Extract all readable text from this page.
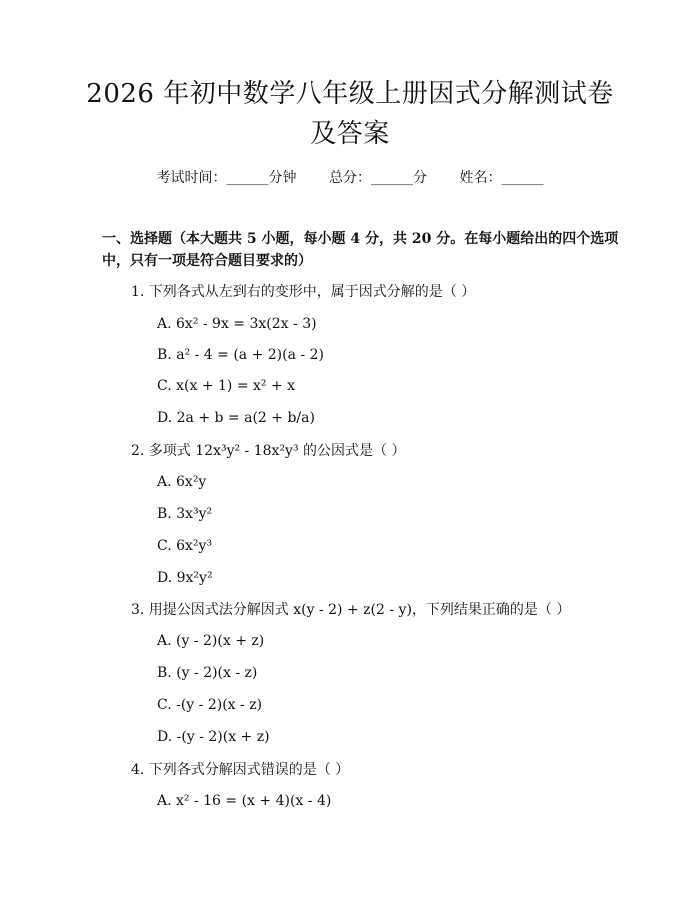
2026 年初中数学八年级上册因式分解测试卷
及答案
考试时间：______分钟 总分：______分 姓名：______
一、选择题（本大题共 5 小题，每小题 4 分，共 20 分。在每小题给出的四个选项中，只有一项是符合题目要求的）
1. 下列各式从左到右的变形中，属于因式分解的是（ ）
A. 6x² - 9x = 3x(2x - 3)
B. a² - 4 = (a + 2)(a - 2)
C. x(x + 1) = x² + x
D. 2a + b = a(2 + b/a)
2. 多项式 12x³y² - 18x²y³ 的公因式是（ ）
A. 6x²y
B. 3x³y²
C. 6x²y³
D. 9x²y²
3. 用提公因式法分解因式 x(y - 2) + z(2 - y)，下列结果正确的是（ ）
A. (y - 2)(x + z)
B. (y - 2)(x - z)
C. -(y - 2)(x - z)
D. -(y - 2)(x + z)
4. 下列各式分解因式错误的是（ ）
A. x² - 16 = (x + 4)(x - 4)
